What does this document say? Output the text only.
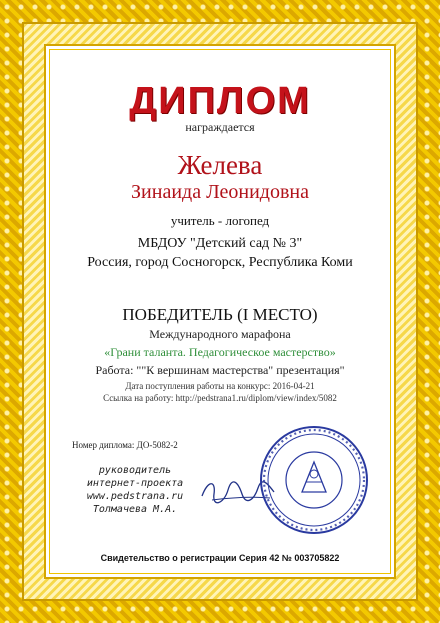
ДИПЛОМ
награждается
Желева
Зинаида Леонидовна
учитель - логопед
МБДОУ "Детский сад № 3"
Россия, город Сосногорск, Республика Коми
ПОБЕДИТЕЛЬ (I МЕСТО)
Международного марафона
«Грани таланта. Педагогическое мастерство»
Работа: ""К вершинам мастерства" презентация"
Дата поступления работы на конкурс: 2016-04-21
Ссылка на работу: http://pedstrana1.ru/diplom/view/index/5082
Номер диплома: ДО-5082-2
руководитель
интернет-проекта
www.pedstrana.ru
Толмачева М.А.
Свидетельство о регистрации Серия 42 № 003705822
